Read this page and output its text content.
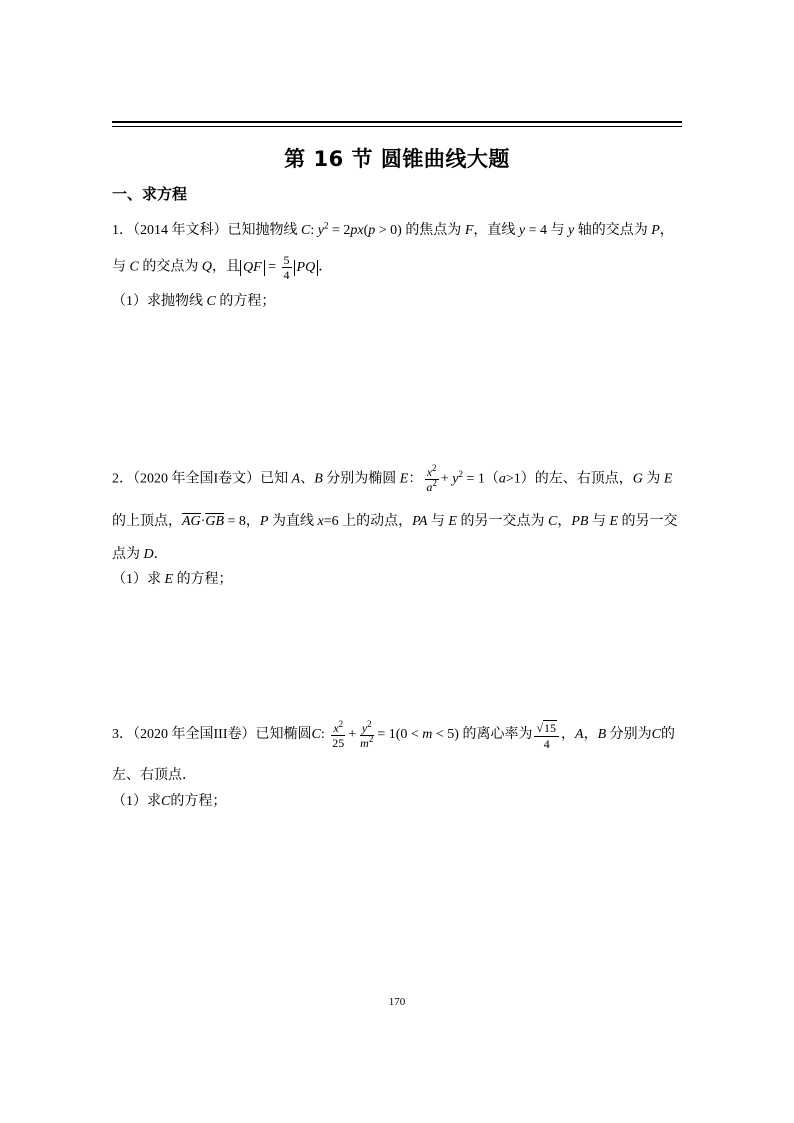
第 16 节 圆锥曲线大题
一、求方程
1．（2014 年文科）已知抛物线 C: $y^2 = 2px(p > 0)$ 的焦点为 F，直线 y = 4 与 y 轴的交点为 P，
与 C 的交点为 Q，且 QF = $\frac{5}{4}$ PQ ．
（1）求抛物线 C 的方程；
2．（2020 年全国I卷文）已知 A、B 分别为椭圆 E： $\frac{x^2}{a^2} + y^2 = 1(a>1)$的左、右顶点，G 为 E
的上顶点，AG·GB = 8，P 为直线 x=6 上的动点，PA 与 E 的另一交点为 C，PB 与 E 的另一交
点为 D．
（1）求 E 的方程；
3．（2020 年全国III卷）已知椭圆C: $\frac{x^2}{25} + \frac{y^2}{m^2} = 1(0 < m < 5)$ 的离心率为 $\frac{√15}{4}$ ，A，B 分别为C的
左、右顶点．
（1）求C的方程；
170
